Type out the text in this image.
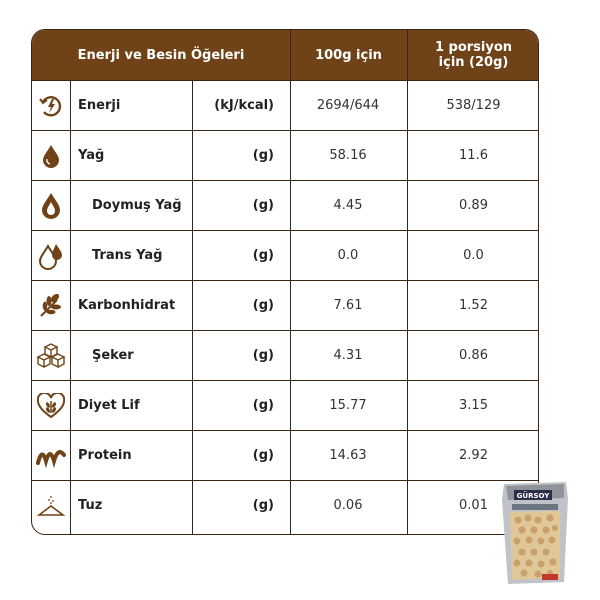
Enerji ve Besin Öğeleri	100g için	1 porsiyon
için (20g)
Enerji	(kJ/kcal)	2694/644	538/129
Yağ	(g)	58.16	11.6
Doymuş Yağ	(g)	4.45	0.89
Trans Yağ	(g)	0.0	0.0
Karbonhidrat	(g)	7.61	1.52
Şeker	(g)	4.31	0.86
Diyet Lif	(g)	15.77	3.15
Protein	(g)	14.63	2.92
Tuz	(g)	0.06	0.01
GÜRSOY
